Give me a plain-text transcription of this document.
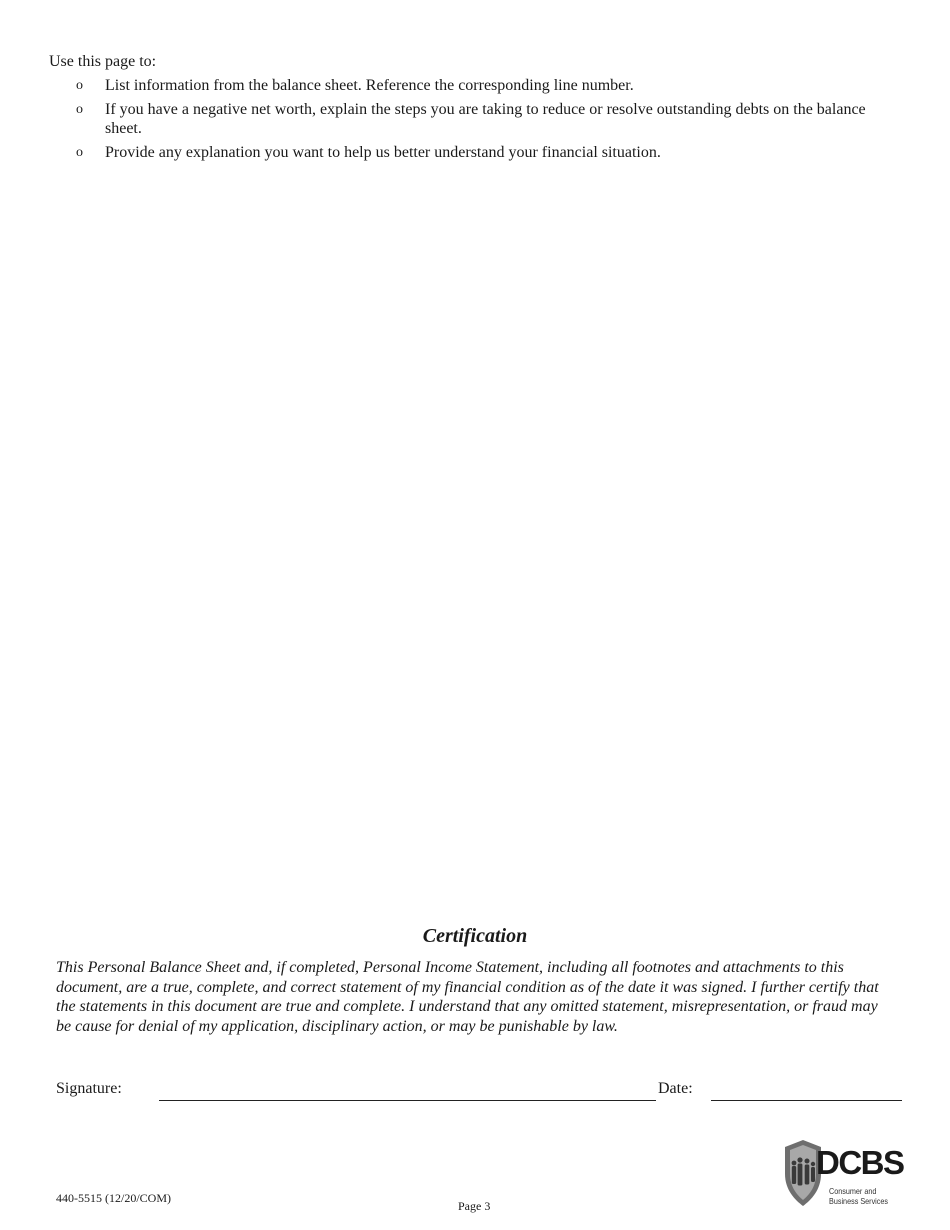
Use this page to:
o List information from the balance sheet. Reference the corresponding line number.
o If you have a negative net worth, explain the steps you are taking to reduce or resolve outstanding debts on the balance sheet.
o Provide any explanation you want to help us better understand your financial situation.
Certification
This Personal Balance Sheet and, if completed, Personal Income Statement, including all footnotes and attachments to this document, are a true, complete, and correct statement of my financial condition as of the date it was signed. I further certify that the statements in this document are true and complete. I understand that any omitted statement, misrepresentation, or fraud may be cause for denial of my application, disciplinary action, or may be punishable by law.
Signature:	Date:
440-5515 (12/20/COM)
Page 3
DCBS
Consumer and
Business Services
